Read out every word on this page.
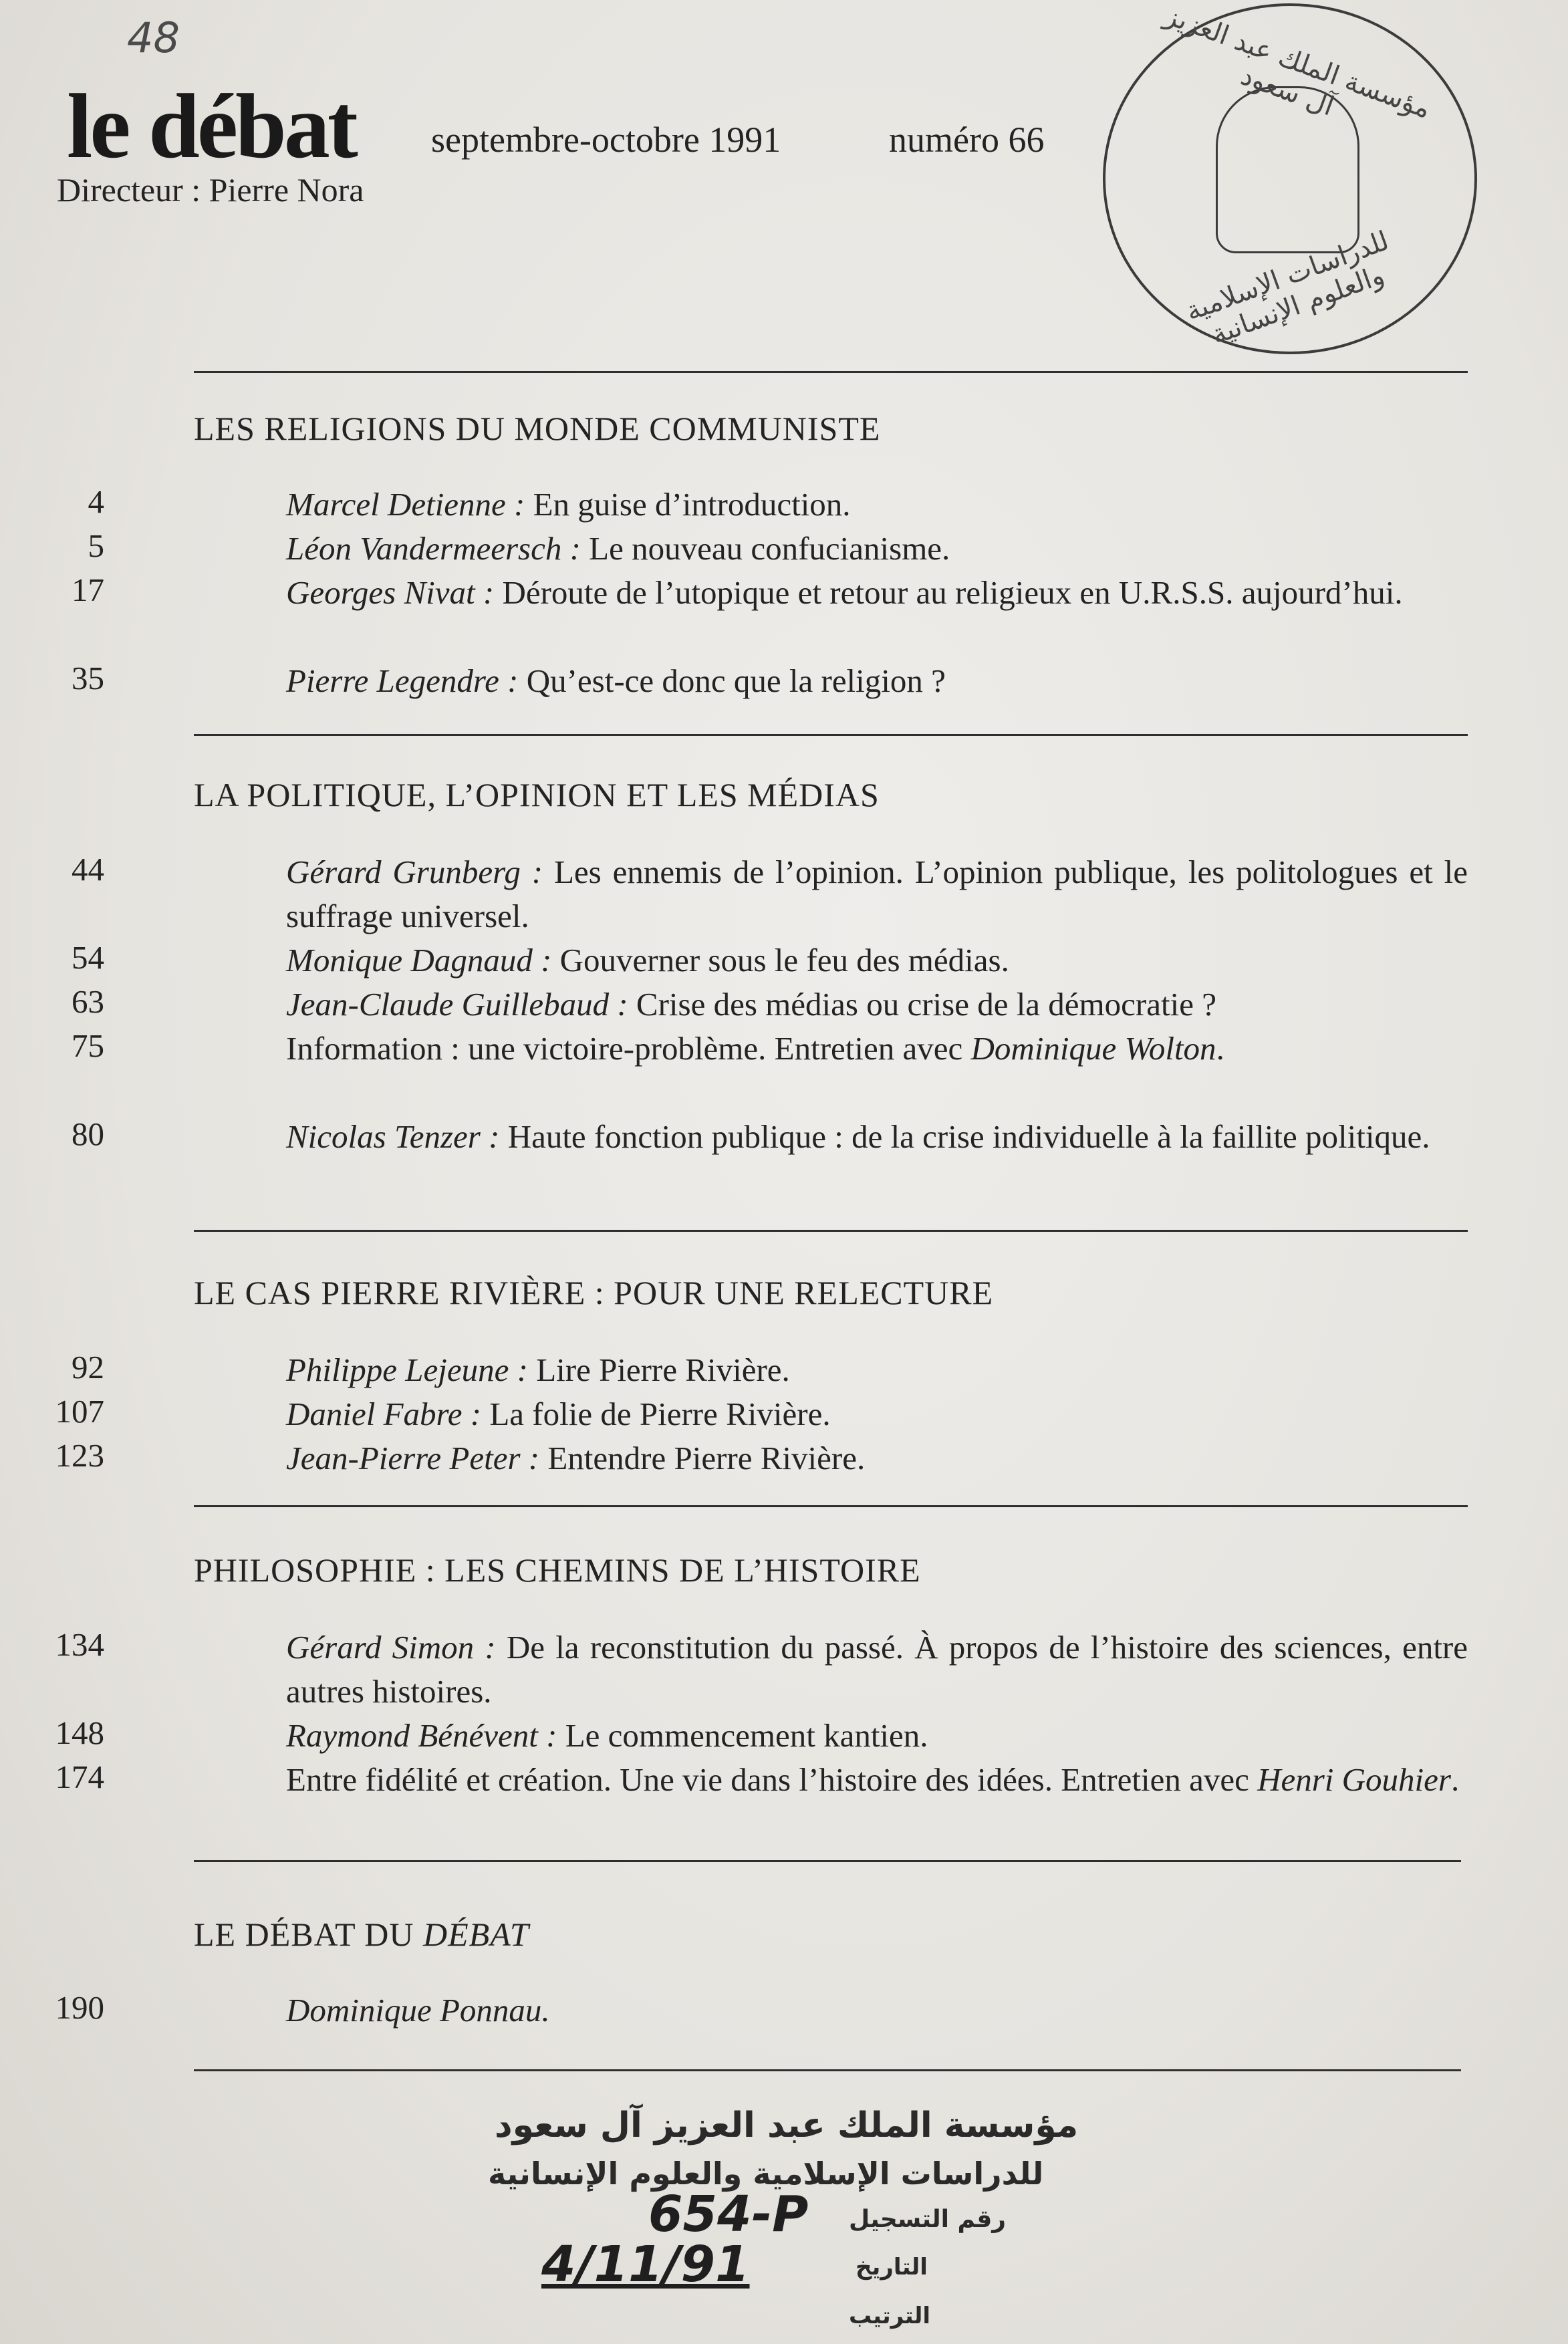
48
le débat septembre-octobre 1991	numéro 66
Directeur : Pierre Nora
مؤسسة الملك عبد العزيز آل سعود
للدراسات الإسلامية والعلوم الإنسانية
LES RELIGIONS DU MONDE COMMUNISTE
4	Marcel Detienne : En guise d’introduction.
5	Léon Vandermeersch : Le nouveau confucianisme.
17	Georges Nivat : Déroute de l’utopique et retour au religieux en U.R.S.S. aujourd’hui.
35	Pierre Legendre : Qu’est-ce donc que la religion ?
LA POLITIQUE, L’OPINION ET LES MÉDIAS
44	Gérard Grunberg : Les ennemis de l’opinion. L’opinion publique, les politologues et le suffrage universel.
54	Monique Dagnaud : Gouverner sous le feu des médias.
63	Jean-Claude Guillebaud : Crise des médias ou crise de la démocratie ?
75	Information : une victoire-problème. Entretien avec Dominique Wolton.
80	Nicolas Tenzer : Haute fonction publique : de la crise individuelle à la faillite politique.
LE CAS PIERRE RIVIÈRE : POUR UNE RELECTURE
92	Philippe Lejeune : Lire Pierre Rivière.
107	Daniel Fabre : La folie de Pierre Rivière.
123	Jean-Pierre Peter : Entendre Pierre Rivière.
PHILOSOPHIE : LES CHEMINS DE L’HISTOIRE
134	Gérard Simon : De la reconstitution du passé. À propos de l’histoire des sciences, entre autres histoires.
148	Raymond Bénévent : Le commencement kantien.
174	Entre fidélité et création. Une vie dans l’histoire des idées. Entretien avec Henri Gouhier.
LE DÉBAT DU DÉBAT
190	Dominique Ponnau.
مؤسسة الملك عبد العزيز آل سعود
للدراسات الإسلامية والعلوم الإنسانية
رقم التسجيل
654-P
التاريخ
4/11/91
الترتيب
